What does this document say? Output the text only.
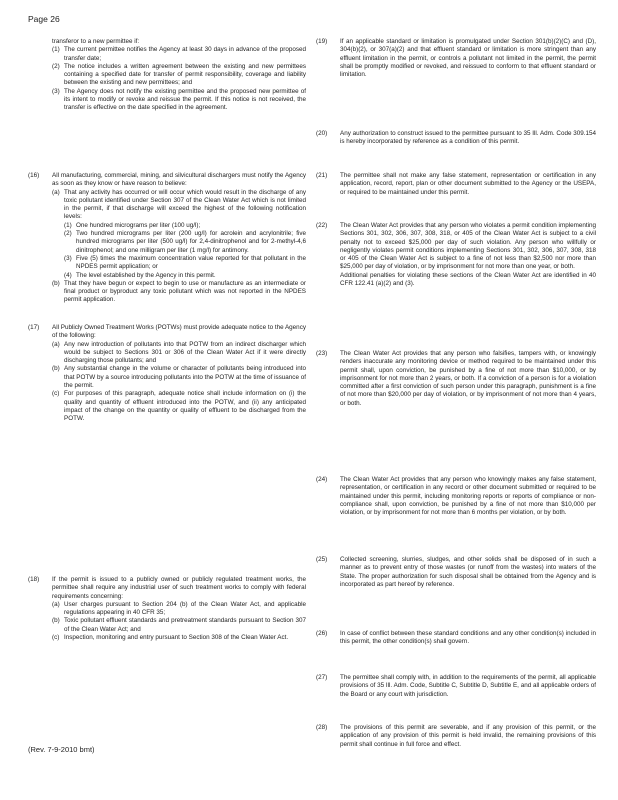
Page 26

transferor to a new permittee if:

(1) The current permittee notifies the Agency at least 30 days in advance of the proposed transfer date;
(2) The notice includes a written agreement between the existing and new permittees containing a specified date for transfer of permit responsibility, coverage and liability between the existing and new permittees; and
(3) The Agency does not notify the existing permittee and the proposed new permittee of its intent to modify or revoke and reissue the permit. If this notice is not received, the transfer is effective on the date specified in the agreement.
(16)	All manufacturing, commercial, mining, and silvicultural dischargers must notify the Agency as soon as they know or have reason to believe:

(a) That any activity has occurred or will occur which would result in the discharge of any toxic pollutant identified under Section 307 of the Clean Water Act which is not limited in the permit, if that discharge will exceed the highest of the following notification levels:
(1) One hundred micrograms per liter (100 ug/l);
(2) Two hundred micrograms per liter (200 ug/l) for acrolein and acrylonitrile; five hundred micrograms per liter (500 ug/l) for 2,4-dinitrophenol and for 2-methyl-4,6 dinitrophenol; and one milligram per liter (1 mg/l) for antimony.
(3) Five (5) times the maximum concentration value reported for that pollutant in the NPDES permit application; or
(4) The level established by the Agency in this permit.
(b) That they have begun or expect to begin to use or manufacture as an intermediate or final product or byproduct any toxic pollutant which was not reported in the NPDES permit application.
(17)	All Publicly Owned Treatment Works (POTWs) must provide adequate notice to the Agency of the following:

(a) Any new introduction of pollutants into that POTW from an indirect discharger which would be subject to Sections 301 or 306 of the Clean Water Act if it were directly discharging those pollutants; and
(b) Any substantial change in the volume or character of pollutants being introduced into that POTW by a source introducing pollutants into the POTW at the time of issuance of the permit.
(c) For purposes of this paragraph, adequate notice shall include information on (i) the quality and quantity of effluent introduced into the POTW, and (ii) any anticipated impact of the change on the quantity or quality of effluent to be discharged from the POTW.
(18)	If the permit is issued to a publicly owned or publicly regulated treatment works, the permittee shall require any industrial user of such treatment works to comply with federal requirements concerning:

(a) User charges pursuant to Section 204 (b) of the Clean Water Act, and applicable regulations appearing in 40 CFR 35;
(b) Toxic pollutant effluent standards and pretreatment standards pursuant to Section 307 of the Clean Water Act; and
(c) Inspection, monitoring and entry pursuant to Section 308 of the Clean Water Act.
(19)	If an applicable standard or limitation is promulgated under Section 301(b)(2)(C) and (D), 304(b)(2), or 307(a)(2) and that effluent standard or limitation is more stringent than any effluent limitation in the permit, or controls a pollutant not limited in the permit, the permit shall be promptly modified or revoked, and reissued to conform to that effluent standard or limitation.
(20)	Any authorization to construct issued to the permittee pursuant to 35 Ill. Adm. Code 309.154 is hereby incorporated by reference as a condition of this permit.
(21)	The permittee shall not make any false statement, representation or certification in any application, record, report, plan or other document submitted to the Agency or the USEPA, or required to be maintained under this permit.
(22)	The Clean Water Act provides that any person who violates a permit condition implementing Sections 301, 302, 306, 307, 308, 318, or 405 of the Clean Water Act is subject to a civil penalty not to exceed $25,000 per day of such violation. Any person who willfully or negligently violates permit conditions implementing Sections 301, 302, 306, 307, 308, 318 or 405 of the Clean Water Act is subject to a fine of not less than $2,500 nor more than $25,000 per day of violation, or by imprisonment for not more than one year, or both.

Additional penalties for violating these sections of the Clean Water Act are identified in 40 CFR 122.41 (a)(2) and (3).

(23)	The Clean Water Act provides that any person who falsifies, tampers with, or knowingly renders inaccurate any monitoring device or method required to be maintained under this permit shall, upon conviction, be punished by a fine of not more than $10,000, or by imprisonment for not more than 2 years, or both. If a conviction of a person is for a violation committed after a first conviction of such person under this paragraph, punishment is a fine of not more than $20,000 per day of violation, or by imprisonment of not more than 4 years, or both.
(24)	The Clean Water Act provides that any person who knowingly makes any false statement, representation, or certification in any record or other document submitted or required to be maintained under this permit, including monitoring reports or reports of compliance or non-compliance shall, upon conviction, be punished by a fine of not more than $10,000 per violation, or by imprisonment for not more than 6 months per violation, or by both.
(25)	Collected screening, slurries, sludges, and other solids shall be disposed of in such a manner as to prevent entry of those wastes (or runoff from the wastes) into waters of the State. The proper authorization for such disposal shall be obtained from the Agency and is incorporated as part hereof by reference.
(26)	In case of conflict between these standard conditions and any other condition(s) included in this permit, the other condition(s) shall govern.
(27)	The permittee shall comply with, in addition to the requirements of the permit, all applicable provisions of 35 Ill. Adm. Code, Subtitle C, Subtitle D, Subtitle E, and all applicable orders of the Board or any court with jurisdiction.
(28)	The provisions of this permit are severable, and if any provision of this permit, or the application of any provision of this permit is held invalid, the remaining provisions of this permit shall continue in full force and effect.
(Rev. 7-9-2010 bmt)
